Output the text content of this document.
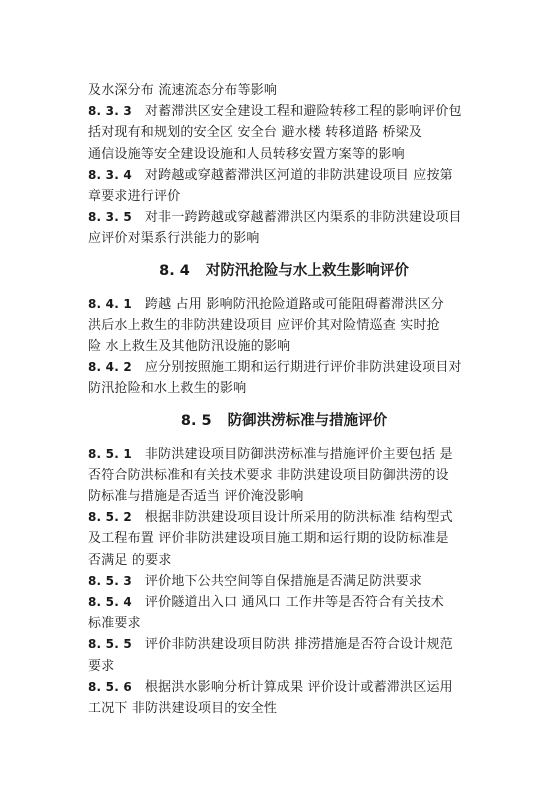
及水深分布 流速流态分布等影响
8. 3. 3 对蓄滞洪区安全建设工程和避险转移工程的影响评价包
括对现有和规划的安全区 安全台 避水楼 转移道路 桥梁及
通信设施等安全建设设施和人员转移安置方案等的影响
8. 3. 4 对跨越或穿越蓄滞洪区河道的非防洪建设项目 应按第
章要求进行评价
8. 3. 5 对非一跨跨越或穿越蓄滞洪区内渠系的非防洪建设项目
应评价对渠系行洪能力的影响
8. 4 对防汛抢险与水上救生影响评价
8. 4. 1 跨越 占用 影响防汛抢险道路或可能阻碍蓄滞洪区分
洪后水上救生的非防洪建设项目 应评价其对险情巡查 实时抢
险 水上救生及其他防汛设施的影响
8. 4. 2 应分别按照施工期和运行期进行评价非防洪建设项目对
防汛抢险和水上救生的影响
8. 5 防御洪涝标准与措施评价
8. 5. 1 非防洪建设项目防御洪涝标准与措施评价主要包括 是
否符合防洪标准和有关技术要求 非防洪建设项目防御洪涝的设
防标准与措施是否适当 评价淹没影响
8. 5. 2 根据非防洪建设项目设计所采用的防洪标准 结构型式
及工程布置 评价非防洪建设项目施工期和运行期的设防标准是
否满足 的要求
8. 5. 3 评价地下公共空间等自保措施是否满足防洪要求
8. 5. 4 评价隧道出入口 通风口 工作井等是否符合有关技术
标准要求
8. 5. 5 评价非防洪建设项目防洪 排涝措施是否符合设计规范
要求
8. 5. 6 根据洪水影响分析计算成果 评价设计或蓄滞洪区运用
工况下 非防洪建设项目的安全性
